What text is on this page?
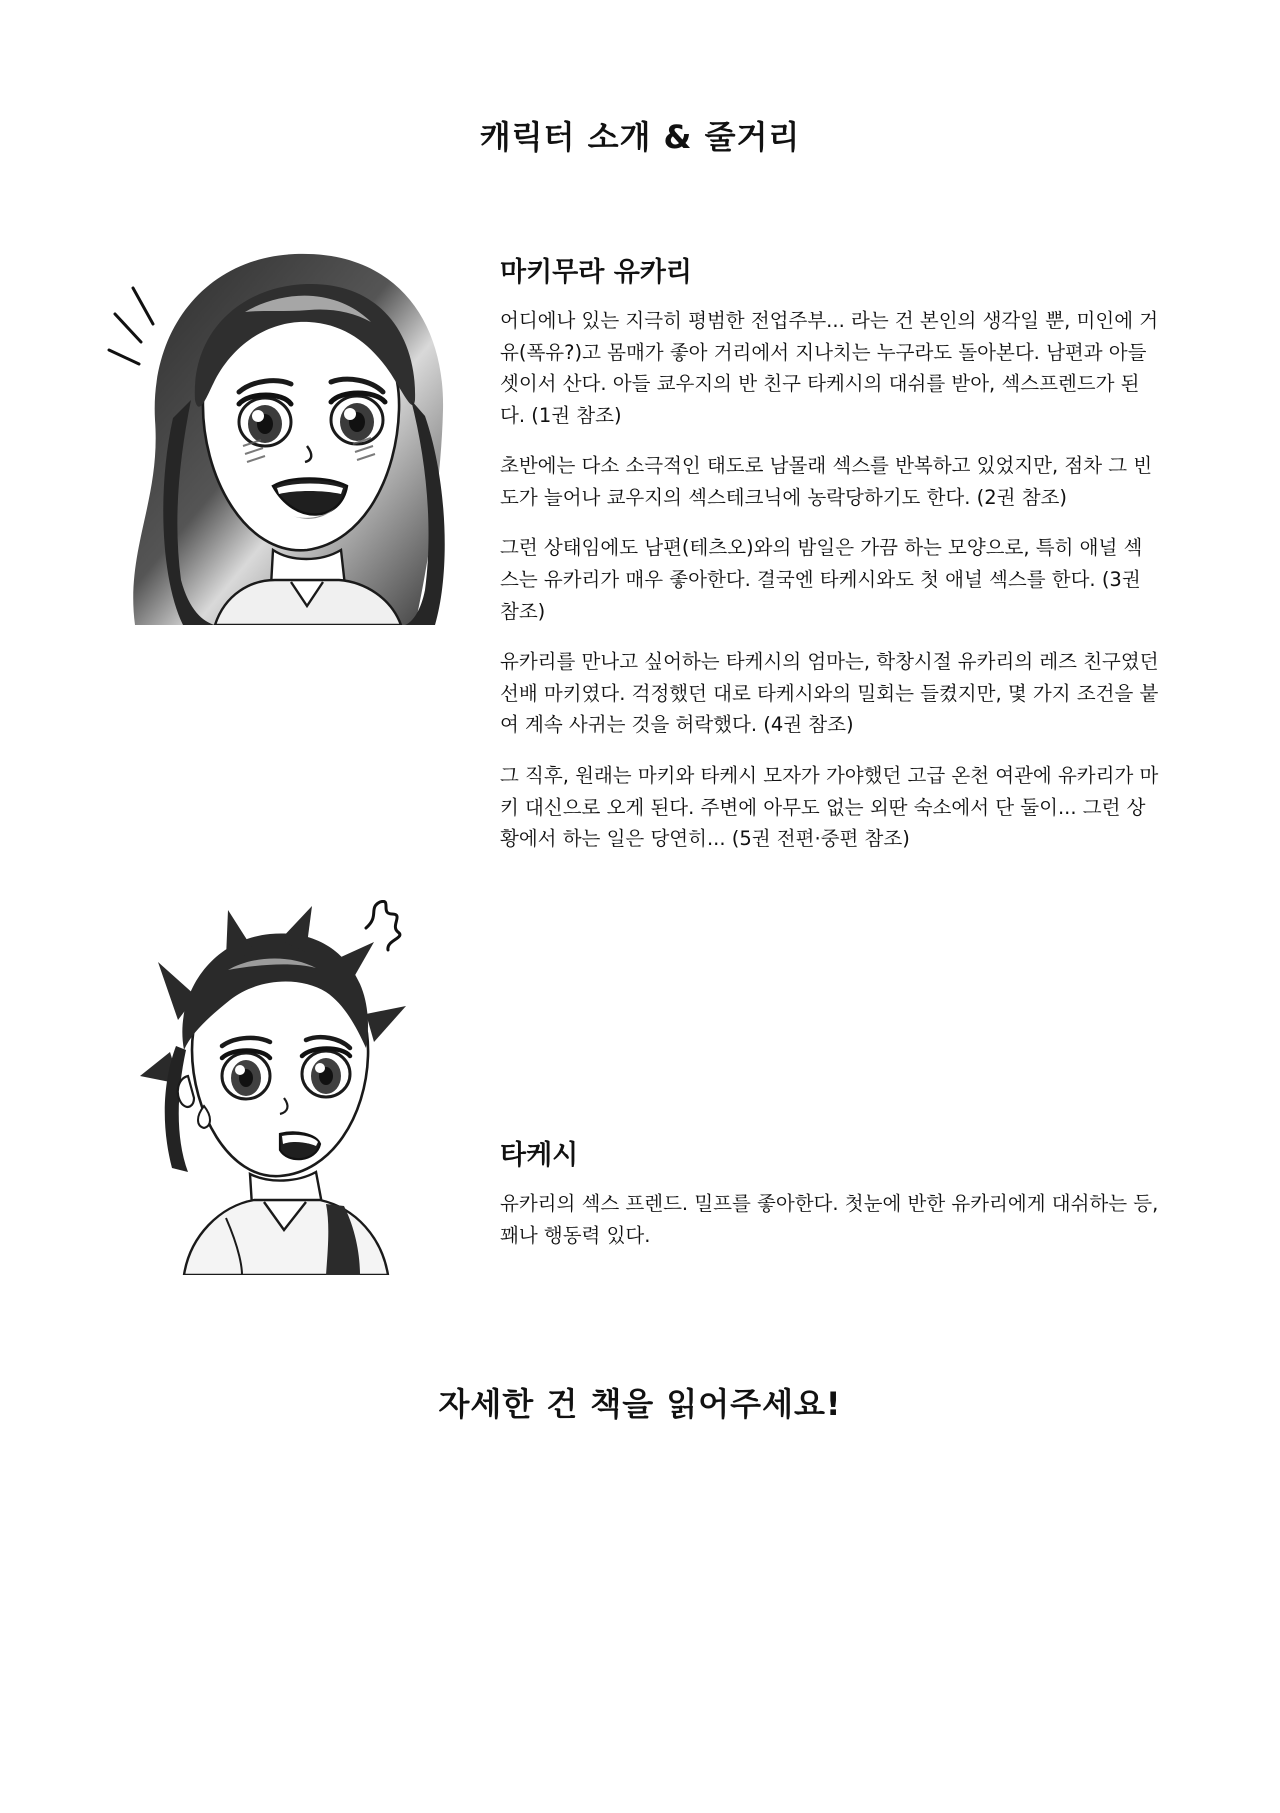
캐릭터 소개 & 줄거리
마키무라 유카리

어디에나 있는 지극히 평범한 전업주부... 라는 건 본인의 생각일 뿐, 미인에 거유(폭유?)고 몸매가 좋아 거리에서 지나치는 누구라도 돌아본다. 남편과 아들 셋이서 산다. 아들 쿄우지의 반 친구 타케시의 대쉬를 받아, 섹스프렌드가 된다. (1권 참조)

초반에는 다소 소극적인 태도로 남몰래 섹스를 반복하고 있었지만, 점차 그 빈도가 늘어나 쿄우지의 섹스테크닉에 농락당하기도 한다. (2권 참조)

그런 상태임에도 남편(테츠오)와의 밤일은 가끔 하는 모양으로, 특히 애널 섹스는 유카리가 매우 좋아한다. 결국엔 타케시와도 첫 애널 섹스를 한다. (3권 참조)

유카리를 만나고 싶어하는 타케시의 엄마는, 학창시절 유카리의 레즈 친구였던 선배 마키였다. 걱정했던 대로 타케시와의 밀회는 들켰지만, 몇 가지 조건을 붙여 계속 사귀는 것을 허락했다. (4권 참조)

그 직후, 원래는 마키와 타케시 모자가 가야했던 고급 온천 여관에 유카리가 마키 대신으로 오게 된다. 주변에 아무도 없는 외딴 숙소에서 단 둘이... 그런 상황에서 하는 일은 당연히... (5권 전편·중편 참조)

타케시

유카리의 섹스 프렌드. 밀프를 좋아한다. 첫눈에 반한 유카리에게 대쉬하는 등, 꽤나 행동력 있다.

자세한 건 책을 읽어주세요!
